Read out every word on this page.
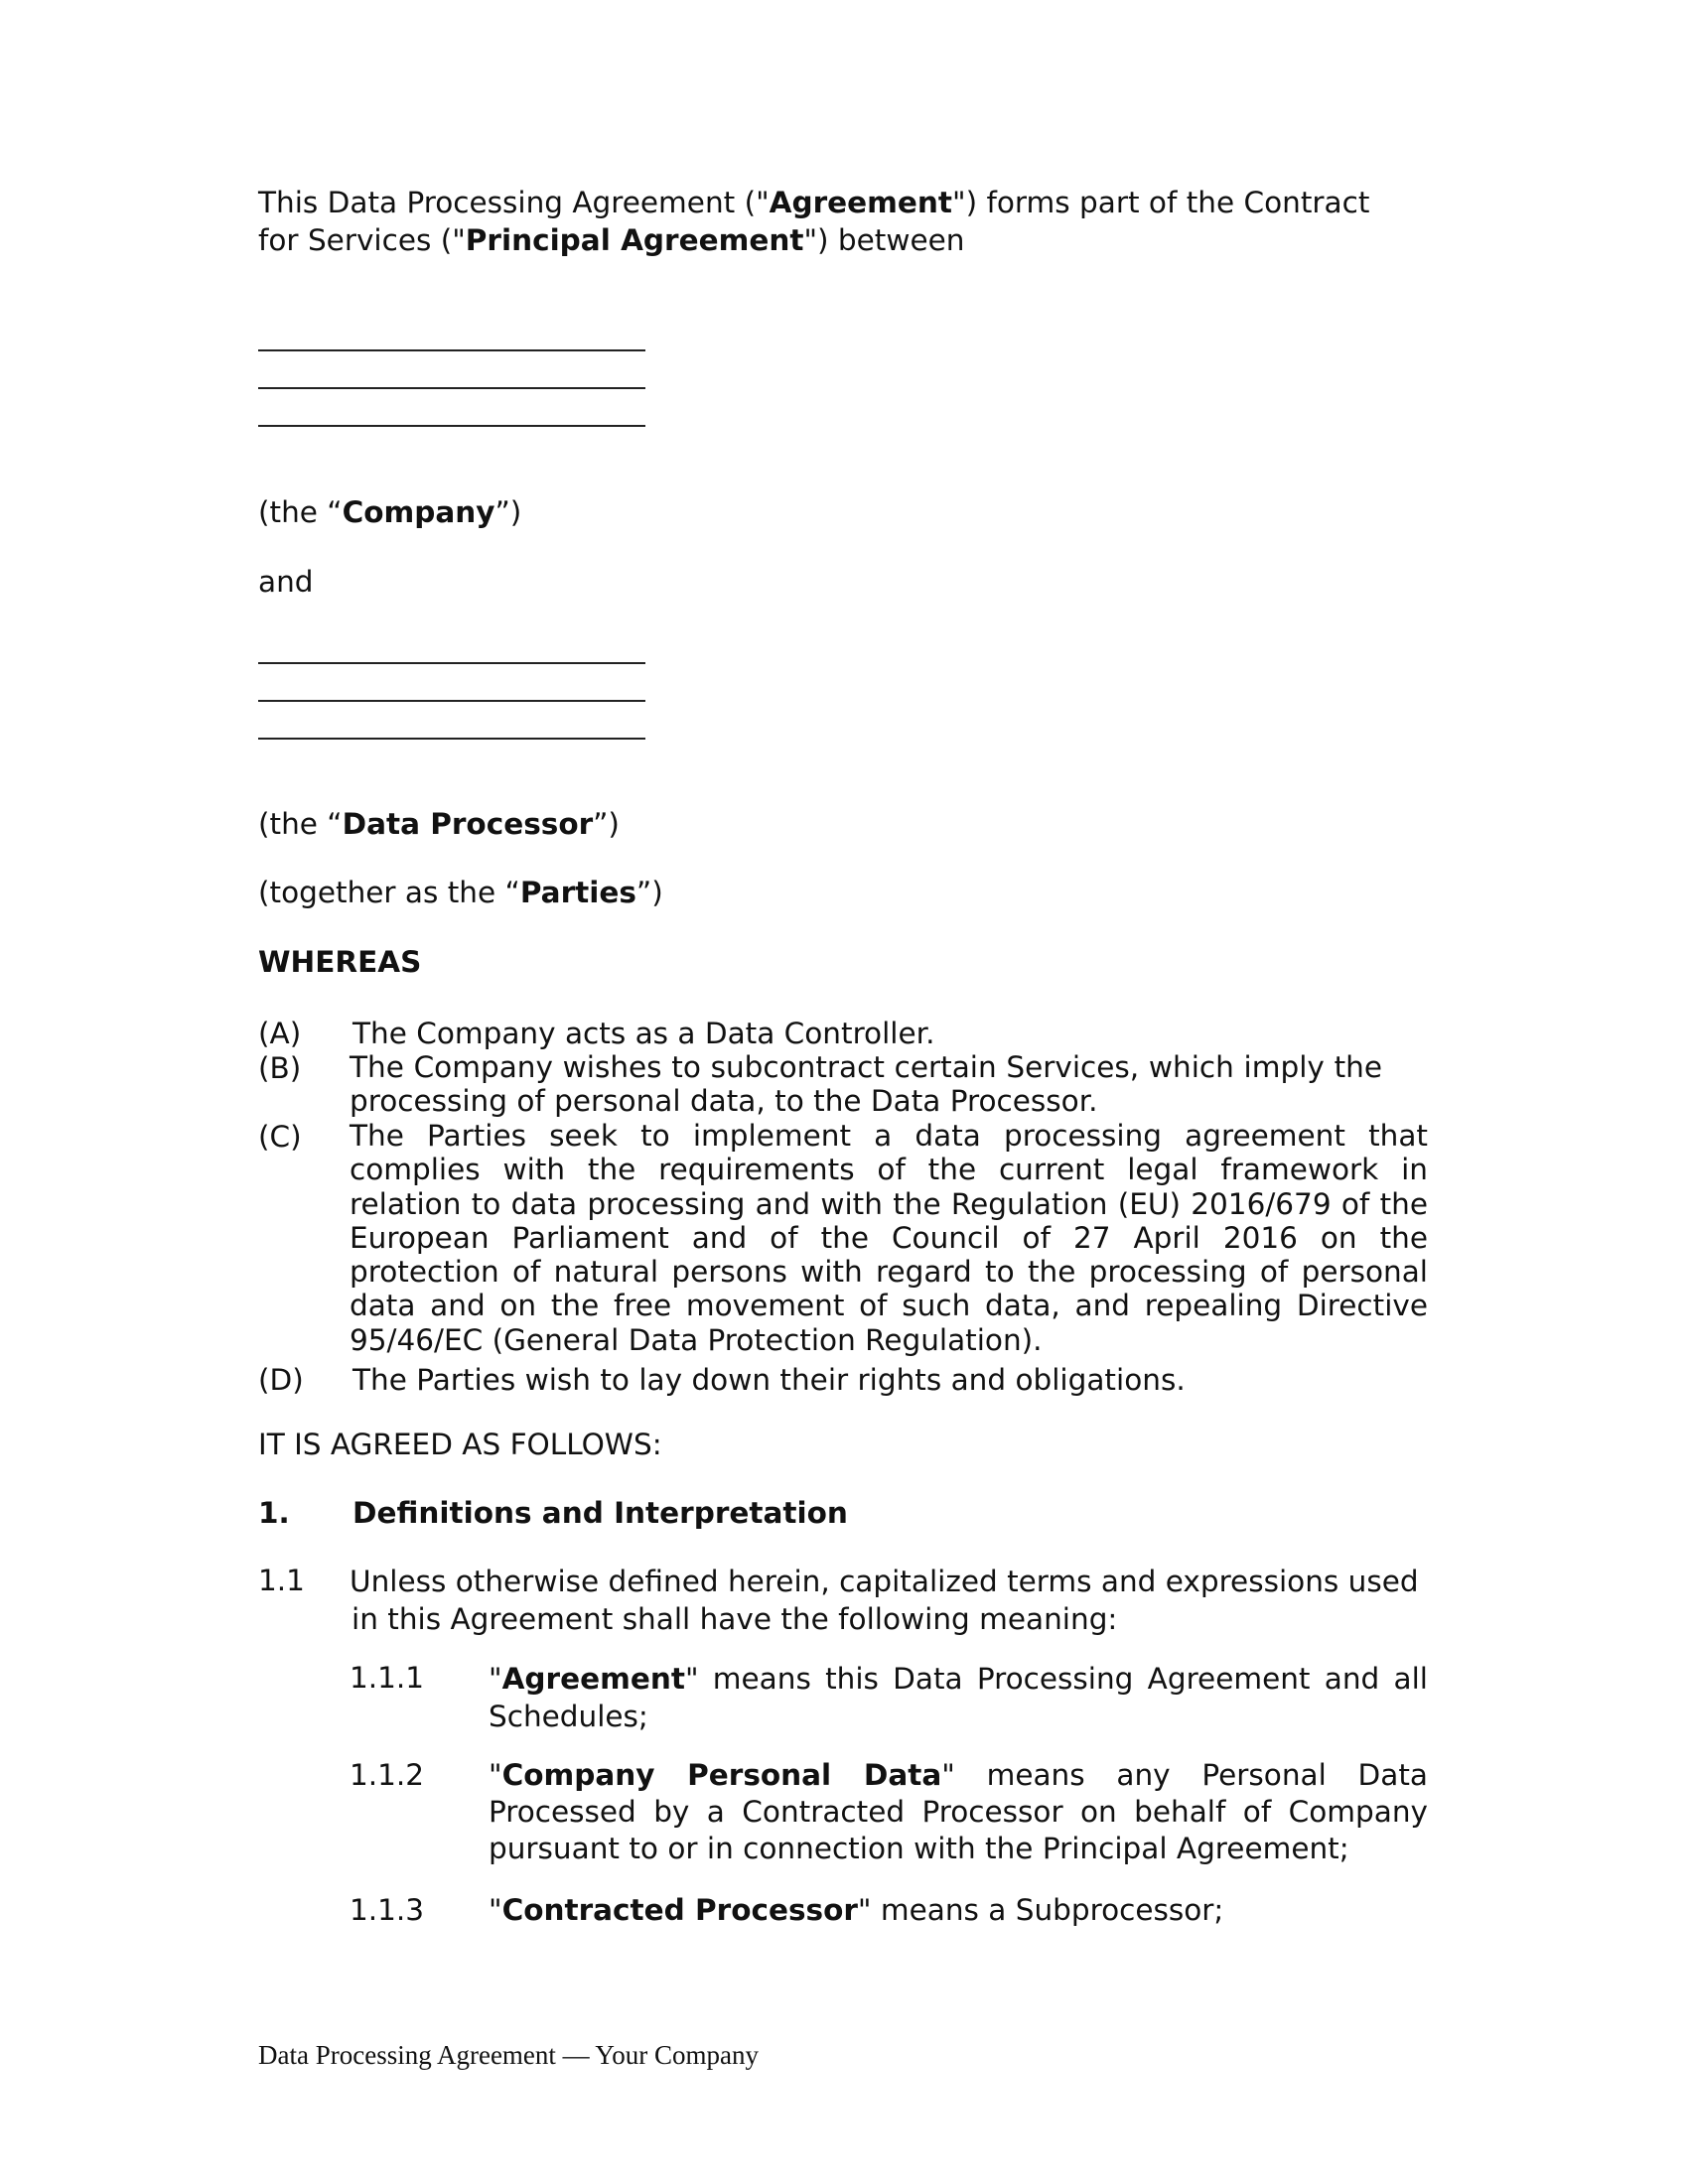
This Data Processing Agreement ("Agreement") forms part of the Contract
for Services ("Principal Agreement") between
(the “Company”)
and
(the “Data Processor”)
(together as the “Parties”)
WHEREAS
(A) The Company acts as a Data Controller.
(B) The Company wishes to subcontract certain Services, which imply the processing of personal data, to the Data Processor.
(C) The Parties seek to implement a data processing agreement that complies with the requirements of the current legal framework in relation to data processing and with the Regulation (EU) 2016/679 of the European Parliament and of the Council of 27 April 2016 on the protection of natural persons with regard to the processing of personal data and on the free movement of such data, and repealing Directive 95/46/EC (General Data Protection Regulation).
(D) The Parties wish to lay down their rights and obligations.
IT IS AGREED AS FOLLOWS:
1. Definitions and Interpretation
1.1 Unless otherwise defined herein, capitalized terms and expressions used
in this Agreement shall have the following meaning:
1.1.1 "Agreement" means this Data Processing Agreement and all Schedules;
1.1.2 "Company Personal Data" means any Personal Data Processed by a Contracted Processor on behalf of Company pursuant to or in connection with the Principal Agreement;
1.1.3 "Contracted Processor" means a Subprocessor;
Data Processing Agreement — Your Company
